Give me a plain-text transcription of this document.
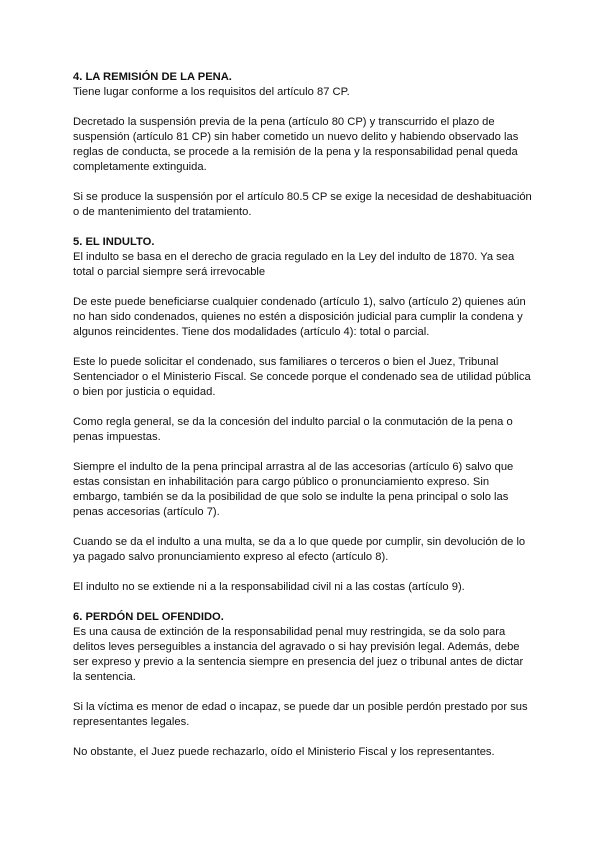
4. LA REMISIÓN DE LA PENA.

Tiene lugar conforme a los requisitos del artículo 87 CP.

Decretado la suspensión previa de la pena (artículo 80 CP) y transcurrido el plazo de suspensión (artículo 81 CP) sin haber cometido un nuevo delito y habiendo observado las reglas de conducta, se procede a la remisión de la pena y la responsabilidad penal queda completamente extinguida.

Si se produce la suspensión por el artículo 80.5 CP se exige la necesidad de deshabituación o de mantenimiento del tratamiento.

5. EL INDULTO.

El indulto se basa en el derecho de gracia regulado en la Ley del indulto de 1870. Ya sea total o parcial siempre será irrevocable

De este puede beneficiarse cualquier condenado (artículo 1), salvo (artículo 2) quienes aún no han sido condenados, quienes no estén a disposición judicial para cumplir la condena y algunos reincidentes. Tiene dos modalidades (artículo 4): total o parcial.

Este lo puede solicitar el condenado, sus familiares o terceros o bien el Juez, Tribunal Sentenciador o el Ministerio Fiscal. Se concede porque el condenado sea de utilidad pública o bien por justicia o equidad.

Como regla general, se da la concesión del indulto parcial o la conmutación de la pena o penas impuestas.

Siempre el indulto de la pena principal arrastra al de las accesorias (artículo 6) salvo que estas consistan en inhabilitación para cargo público o pronunciamiento expreso. Sin embargo, también se da la posibilidad de que solo se indulte la pena principal o solo las penas accesorias (artículo 7).

Cuando se da el indulto a una multa, se da a lo que quede por cumplir, sin devolución de lo ya pagado salvo pronunciamiento expreso al efecto (artículo 8).

El indulto no se extiende ni a la responsabilidad civil ni a las costas (artículo 9).

6. PERDÓN DEL OFENDIDO.

Es una causa de extinción de la responsabilidad penal muy restringida, se da solo para delitos leves perseguibles a instancia del agravado o si hay previsión legal. Además, debe ser expreso y previo a la sentencia siempre en presencia del juez o tribunal antes de dictar la sentencia.

Si la víctima es menor de edad o incapaz, se puede dar un posible perdón prestado por sus representantes legales.

No obstante, el Juez puede rechazarlo, oído el Ministerio Fiscal y los representantes.
